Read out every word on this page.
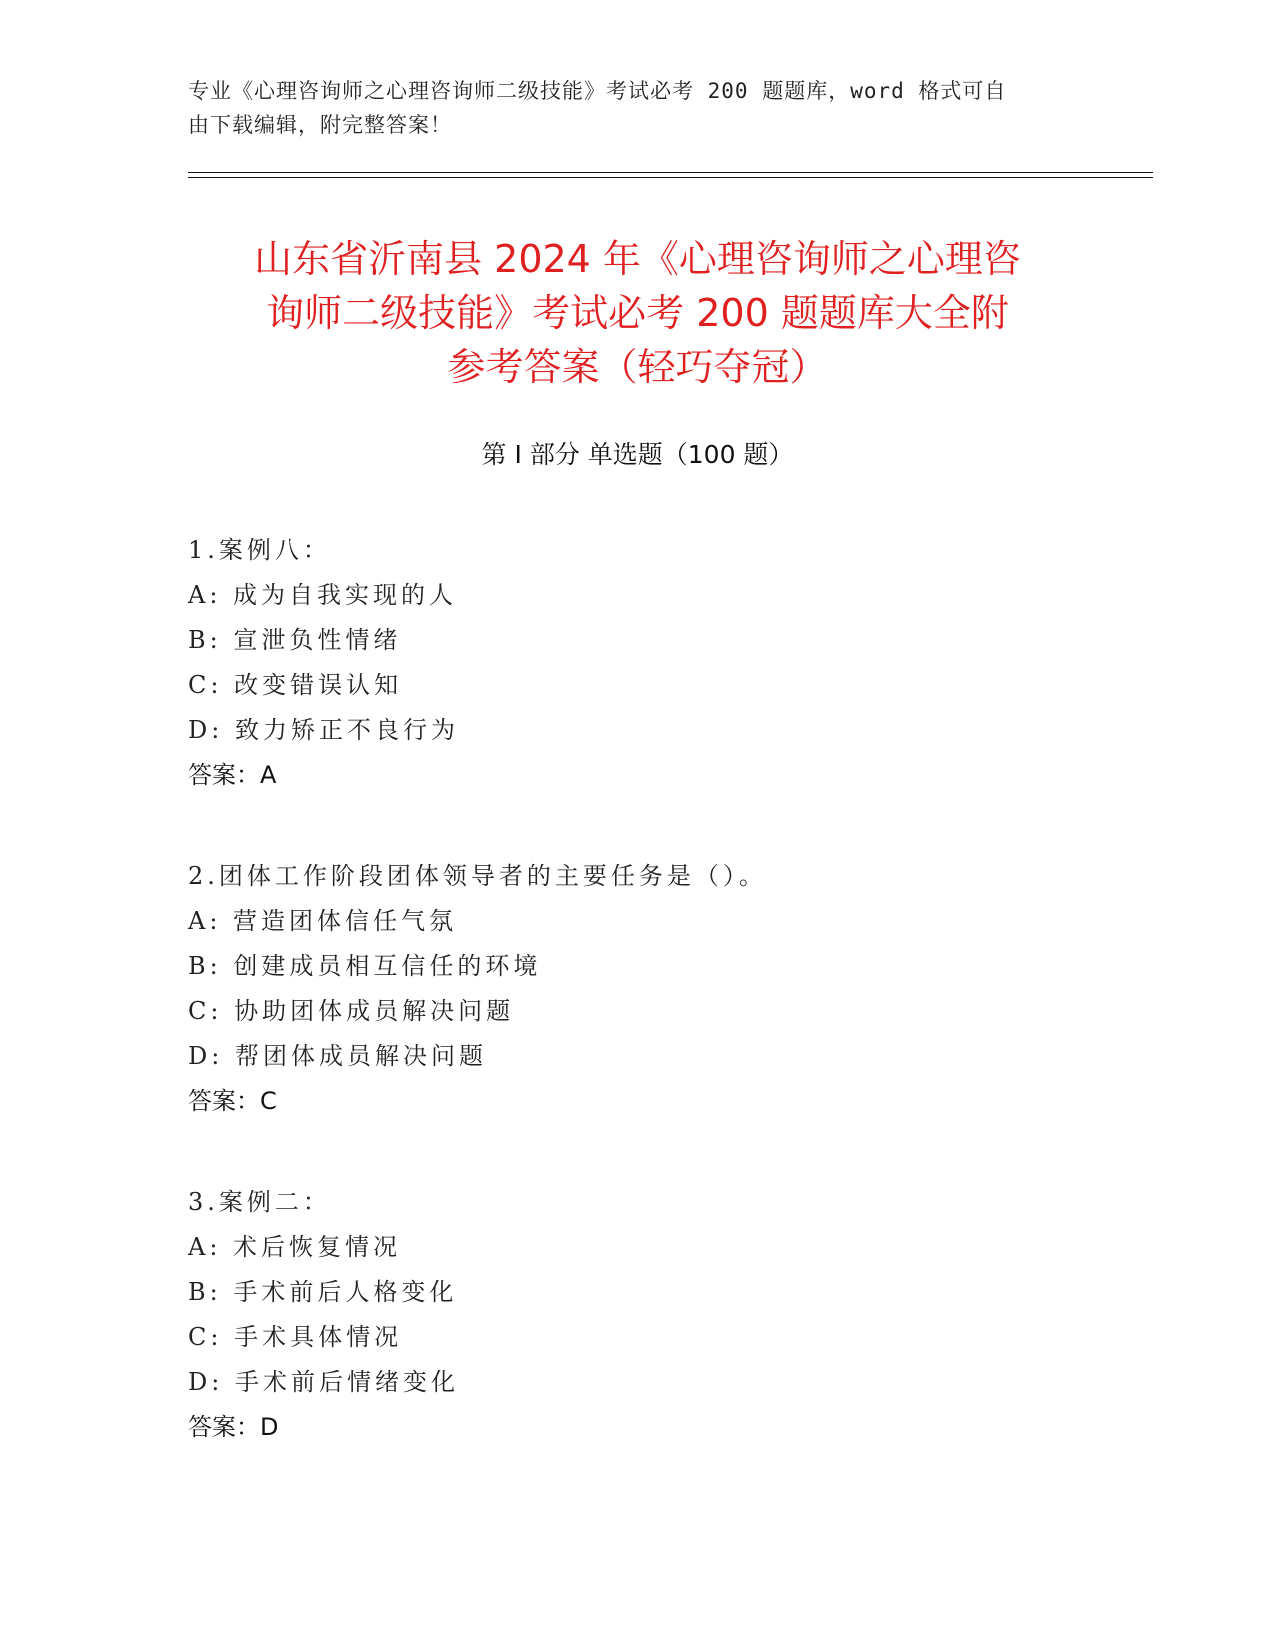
专业《心理咨询师之心理咨询师二级技能》考试必考 200 题题库，word 格式可自
由下载编辑，附完整答案！
山东省沂南县 2024 年《心理咨询师之心理咨
询师二级技能》考试必考 200 题题库大全附
参考答案（轻巧夺冠）
第 I 部分 单选题（100 题）
1.案例八：
A: 成为自我实现的人
B: 宣泄负性情绪
C: 改变错误认知
D: 致力矫正不良行为
答案：A
2.团体工作阶段团体领导者的主要任务是（）。
A: 营造团体信任气氛
B: 创建成员相互信任的环境
C: 协助团体成员解决问题
D: 帮团体成员解决问题
答案：C
3.案例二：
A: 术后恢复情况
B: 手术前后人格变化
C: 手术具体情况
D: 手术前后情绪变化
答案：D
